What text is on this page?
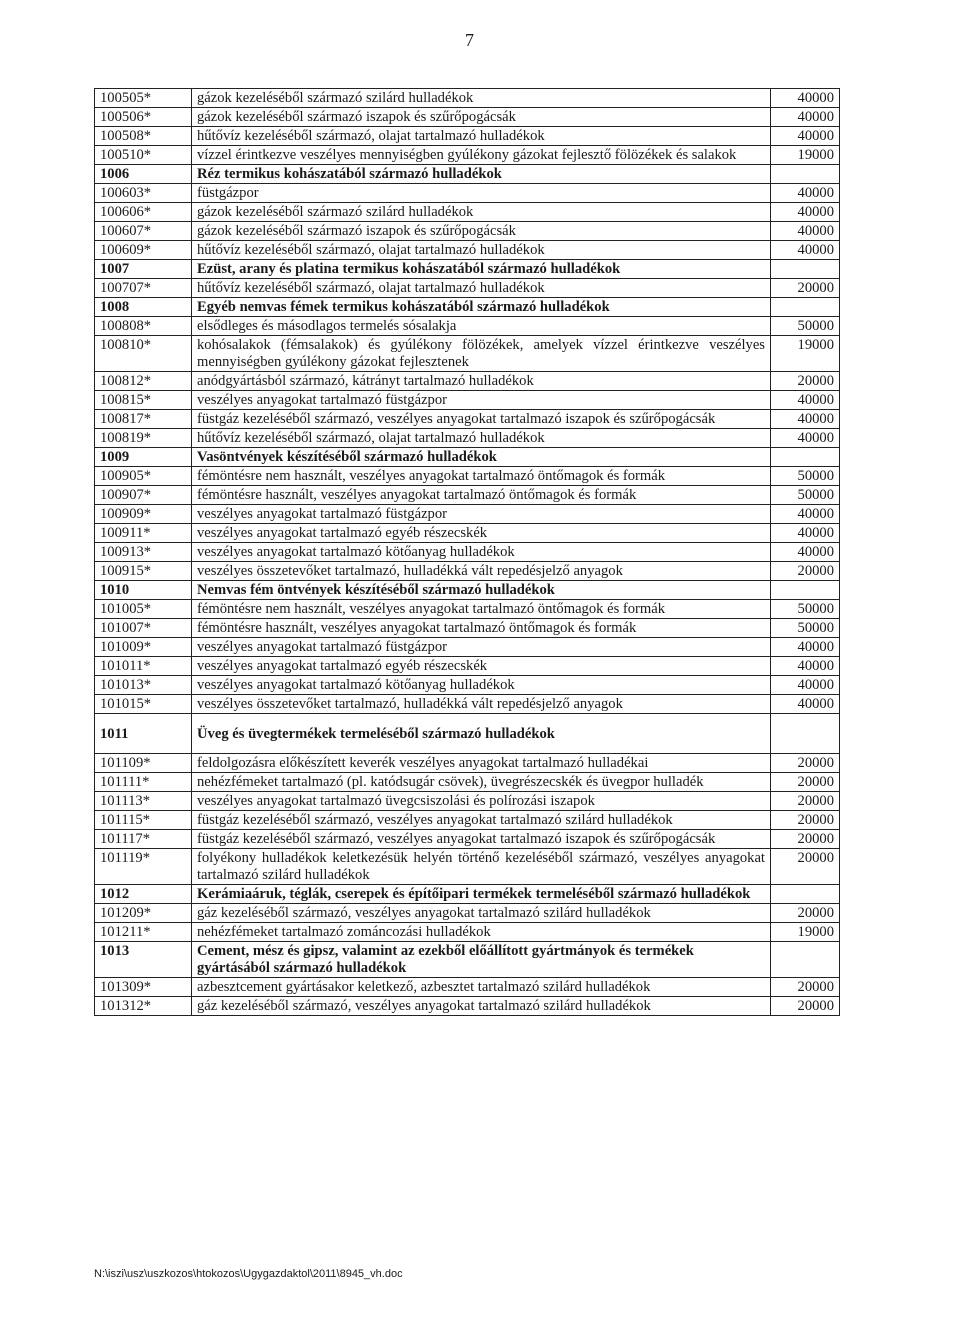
7
100505*	gázok kezeléséből származó szilárd hulladékok	40000
100506*	gázok kezeléséből származó iszapok és szűrőpogácsák	40000
100508*	hűtővíz kezeléséből származó, olajat tartalmazó hulladékok	40000
100510*	vízzel érintkezve veszélyes mennyiségben gyúlékony gázokat fejlesztő fölözékek és salakok	19000
1006	Réz termikus kohászatából származó hulladékok	
100603*	füstgázpor	40000
100606*	gázok kezeléséből származó szilárd hulladékok	40000
100607*	gázok kezeléséből származó iszapok és szűrőpogácsák	40000
100609*	hűtővíz kezeléséből származó, olajat tartalmazó hulladékok	40000
1007	Ezüst, arany és platina termikus kohászatából származó hulladékok	
100707*	hűtővíz kezeléséből származó, olajat tartalmazó hulladékok	20000
1008	Egyéb nemvas fémek termikus kohászatából származó hulladékok	
100808*	elsődleges és másodlagos termelés sósalakja	50000
100810*	kohósalakok (fémsalakok) és gyúlékony fölözékek, amelyek vízzel érintkezve veszélyes mennyiségben gyúlékony gázokat fejlesztenek	19000
100812*	anódgyártásból származó, kátrányt tartalmazó hulladékok	20000
100815*	veszélyes anyagokat tartalmazó füstgázpor	40000
100817*	füstgáz kezeléséből származó, veszélyes anyagokat tartalmazó iszapok és szűrőpogácsák	40000
100819*	hűtővíz kezeléséből származó, olajat tartalmazó hulladékok	40000
1009	Vasöntvények készítéséből származó hulladékok	
100905*	fémöntésre nem használt, veszélyes anyagokat tartalmazó öntőmagok és formák	50000
100907*	fémöntésre használt, veszélyes anyagokat tartalmazó öntőmagok és formák	50000
100909*	veszélyes anyagokat tartalmazó füstgázpor	40000
100911*	veszélyes anyagokat tartalmazó egyéb részecskék	40000
100913*	veszélyes anyagokat tartalmazó kötőanyag hulladékok	40000
100915*	veszélyes összetevőket tartalmazó, hulladékká vált repedésjelző anyagok	20000
1010	Nemvas fém öntvények készítéséből származó hulladékok	
101005*	fémöntésre nem használt, veszélyes anyagokat tartalmazó öntőmagok és formák	50000
101007*	fémöntésre használt, veszélyes anyagokat tartalmazó öntőmagok és formák	50000
101009*	veszélyes anyagokat tartalmazó füstgázpor	40000
101011*	veszélyes anyagokat tartalmazó egyéb részecskék	40000
101013*	veszélyes anyagokat tartalmazó kötőanyag hulladékok	40000
101015*	veszélyes összetevőket tartalmazó, hulladékká vált repedésjelző anyagok	40000
1011	Üveg és üvegtermékek termeléséből származó hulladékok	
101109*	feldolgozásra előkészített keverék veszélyes anyagokat tartalmazó hulladékai	20000
101111*	nehézfémeket tartalmazó (pl. katódsugár csövek), üvegrészecskék és üvegpor hulladék	20000
101113*	veszélyes anyagokat tartalmazó üvegcsiszolási és polírozási iszapok	20000
101115*	füstgáz kezeléséből származó, veszélyes anyagokat tartalmazó szilárd hulladékok	20000
101117*	füstgáz kezeléséből származó, veszélyes anyagokat tartalmazó iszapok és szűrőpogácsák	20000
101119*	folyékony hulladékok keletkezésük helyén történő kezeléséből származó, veszélyes anyagokat tartalmazó szilárd hulladékok	20000
1012	Kerámiaáruk, téglák, cserepek és építőipari termékek termeléséből származó hulladékok	
101209*	gáz kezeléséből származó, veszélyes anyagokat tartalmazó szilárd hulladékok	20000
101211*	nehézfémeket tartalmazó zománcozási hulladékok	19000
1013	Cement, mész és gipsz, valamint az ezekből előállított gyártmányok és termékek gyártásából származó hulladékok	
101309*	azbesztcement gyártásakor keletkező, azbesztet tartalmazó szilárd hulladékok	20000
101312*	gáz kezeléséből származó, veszélyes anyagokat tartalmazó szilárd hulladékok	20000
N:\iszi\usz\uszkozos\htokozos\Ugygazdaktol\2011\8945_vh.doc
